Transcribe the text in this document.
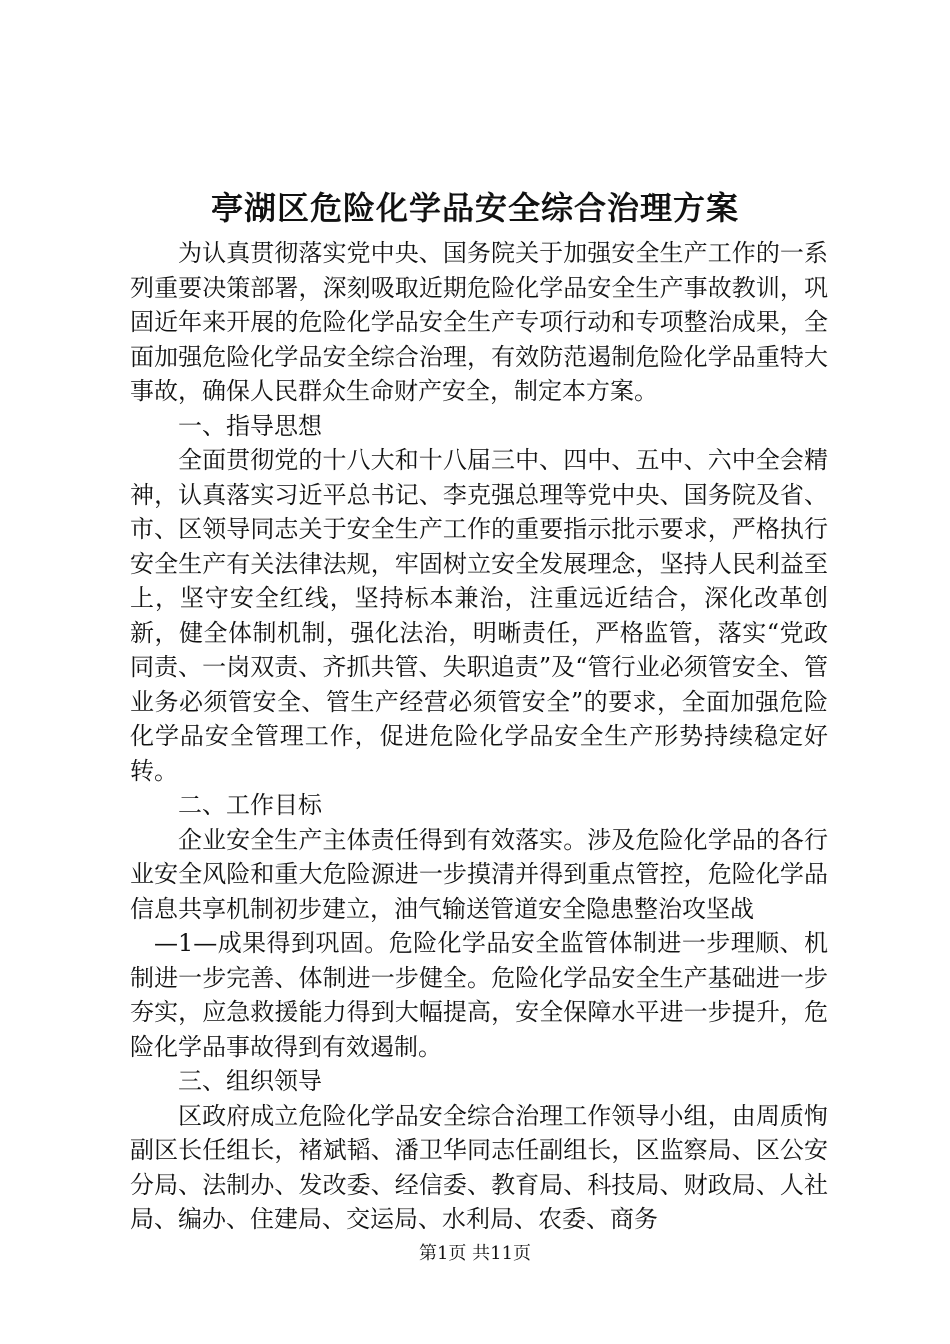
亭湖区危险化学品安全综合治理方案

为认真贯彻落实党中央、国务院关于加强安全生产工作的一系列重要决策部署，深刻吸取近期危险化学品安全生产事故教训，巩固近年来开展的危险化学品安全生产专项行动和专项整治成果，全面加强危险化学品安全综合治理，有效防范遏制危险化学品重特大事故，确保人民群众生命财产安全，制定本方案。

一、指导思想

全面贯彻党的十八大和十八届三中、四中、五中、六中全会精神，认真落实习近平总书记、李克强总理等党中央、国务院及省、市、区领导同志关于安全生产工作的重要指示批示要求，严格执行安全生产有关法律法规，牢固树立安全发展理念，坚持人民利益至上，坚守安全红线，坚持标本兼治，注重远近结合，深化改革创新，健全体制机制，强化法治，明晰责任，严格监管，落实“党政同责、一岗双责、齐抓共管、失职追责”及“管行业必须管安全、管业务必须管安全、管生产经营必须管安全”的要求，全面加强危险化学品安全管理工作，促进危险化学品安全生产形势持续稳定好转。

二、工作目标

企业安全生产主体责任得到有效落实。涉及危险化学品的各行业安全风险和重大危险源进一步摸清并得到重点管控，危险化学品信息共享机制初步建立，油气输送管道安全隐患整治攻坚战

—1—成果得到巩固。危险化学品安全监管体制进一步理顺、机制进一步完善、体制进一步健全。危险化学品安全生产基础进一步夯实，应急救援能力得到大幅提高，安全保障水平进一步提升，危险化学品事故得到有效遏制。

三、组织领导

区政府成立危险化学品安全综合治理工作领导小组，由周质恂副区长任组长，褚斌韬、潘卫华同志任副组长，区监察局、区公安分局、法制办、发改委、经信委、教育局、科技局、财政局、人社局、编办、住建局、交运局、水利局、农委、商务

第1页 共11页
